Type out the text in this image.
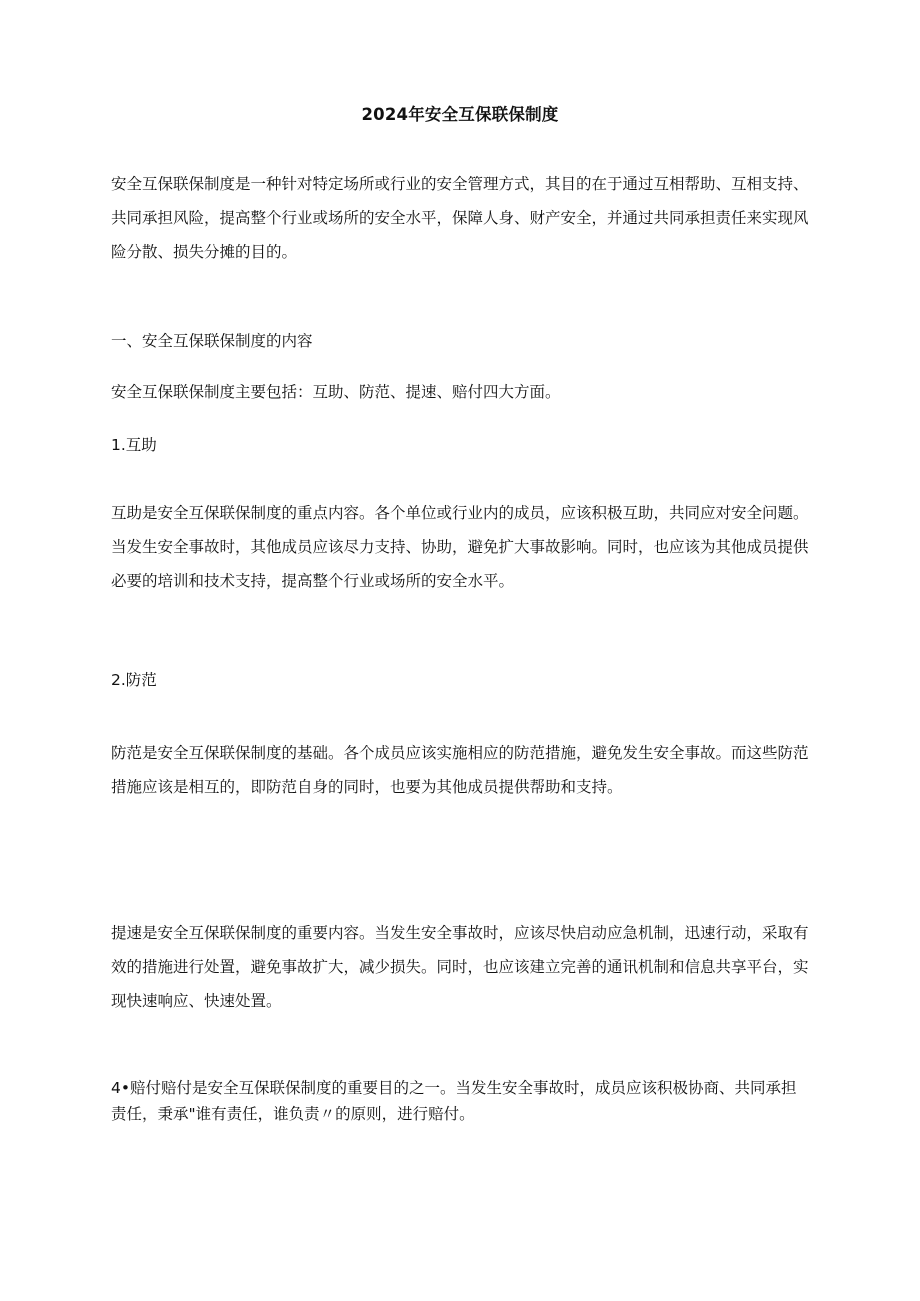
2024年安全互保联保制度

安全互保联保制度是一种针对特定场所或行业的安全管理方式，其目的在于通过互相帮助、互相支持、共同承担风险，提高整个行业或场所的安全水平，保障人身、财产安全，并通过共同承担责任来实现风险分散、损失分摊的目的。

一、安全互保联保制度的内容

安全互保联保制度主要包括：互助、防范、提速、赔付四大方面。

1.互助

互助是安全互保联保制度的重点内容。各个单位或行业内的成员，应该积极互助，共同应对安全问题。当发生安全事故时，其他成员应该尽力支持、协助，避免扩大事故影响。同时，也应该为其他成员提供必要的培训和技术支持，提高整个行业或场所的安全水平。

2.防范

防范是安全互保联保制度的基础。各个成员应该实施相应的防范措施，避免发生安全事故。而这些防范措施应该是相互的，即防范自身的同时，也要为其他成员提供帮助和支持。

提速是安全互保联保制度的重要内容。当发生安全事故时，应该尽快启动应急机制，迅速行动，采取有效的措施进行处置，避免事故扩大，减少损失。同时，也应该建立完善的通讯机制和信息共享平台，实现快速响应、快速处置。

4•赔付赔付是安全互保联保制度的重要目的之一。当发生安全事故时，成员应该积极协商、共同承担责任，秉承"谁有责任，谁负责〃的原则，进行赔付。
